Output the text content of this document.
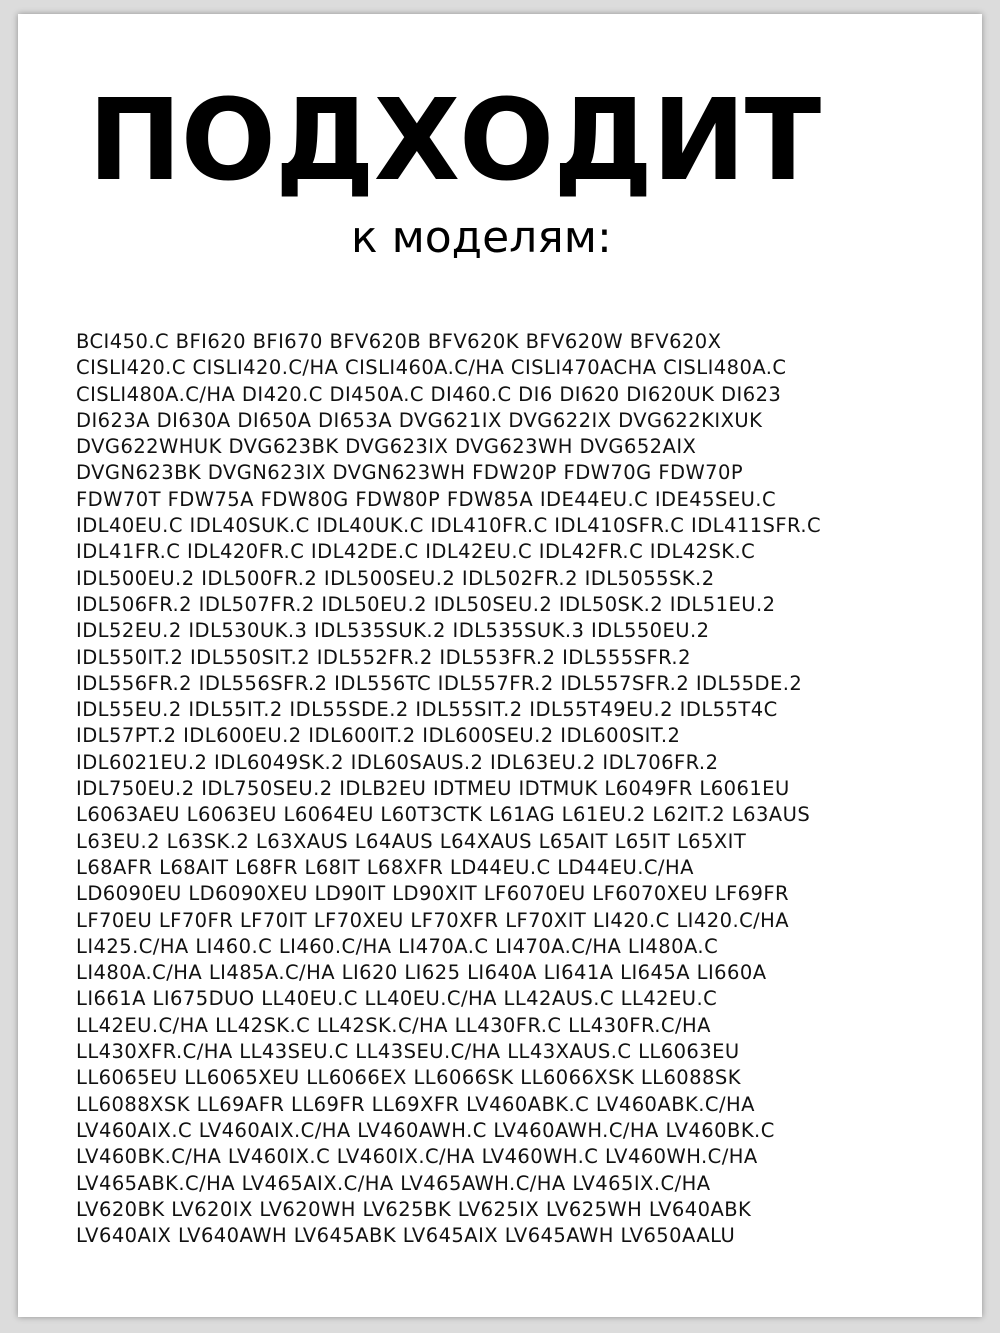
ПОДХОДИТ
к моделям:
BCI450.C BFI620 BFI670 BFV620B BFV620K BFV620W BFV620X
CISLI420.C CISLI420.C/HA CISLI460A.C/HA CISLI470ACHA CISLI480A.C
CISLI480A.C/HA DI420.C DI450A.C DI460.C DI6 DI620 DI620UK DI623
DI623A DI630A DI650A DI653A DVG621IX DVG622IX DVG622KIXUK
DVG622WHUK DVG623BK DVG623IX DVG623WH DVG652AIX
DVGN623BK DVGN623IX DVGN623WH FDW20P FDW70G FDW70P
FDW70T FDW75A FDW80G FDW80P FDW85A IDE44EU.C IDE45SEU.C
IDL40EU.C IDL40SUK.C IDL40UK.C IDL410FR.C IDL410SFR.C IDL411SFR.C
IDL41FR.C IDL420FR.C IDL42DE.C IDL42EU.C IDL42FR.C IDL42SK.C
IDL500EU.2 IDL500FR.2 IDL500SEU.2 IDL502FR.2 IDL5055SK.2
IDL506FR.2 IDL507FR.2 IDL50EU.2 IDL50SEU.2 IDL50SK.2 IDL51EU.2
IDL52EU.2 IDL530UK.3 IDL535SUK.2 IDL535SUK.3 IDL550EU.2
IDL550IT.2 IDL550SIT.2 IDL552FR.2 IDL553FR.2 IDL555SFR.2
IDL556FR.2 IDL556SFR.2 IDL556TC IDL557FR.2 IDL557SFR.2 IDL55DE.2
IDL55EU.2 IDL55IT.2 IDL55SDE.2 IDL55SIT.2 IDL55T49EU.2 IDL55T4C
IDL57PT.2 IDL600EU.2 IDL600IT.2 IDL600SEU.2 IDL600SIT.2
IDL6021EU.2 IDL6049SK.2 IDL60SAUS.2 IDL63EU.2 IDL706FR.2
IDL750EU.2 IDL750SEU.2 IDLB2EU IDTMEU IDTMUK L6049FR L6061EU
L6063AEU L6063EU L6064EU L60T3CTK L61AG L61EU.2 L62IT.2 L63AUS
L63EU.2 L63SK.2 L63XAUS L64AUS L64XAUS L65AIT L65IT L65XIT
L68AFR L68AIT L68FR L68IT L68XFR LD44EU.C LD44EU.C/HA
LD6090EU LD6090XEU LD90IT LD90XIT LF6070EU LF6070XEU LF69FR
LF70EU LF70FR LF70IT LF70XEU LF70XFR LF70XIT LI420.C LI420.C/HA
LI425.C/HA LI460.C LI460.C/HA LI470A.C LI470A.C/HA LI480A.C
LI480A.C/HA LI485A.C/HA LI620 LI625 LI640A LI641A LI645A LI660A
LI661A LI675DUO LL40EU.C LL40EU.C/HA LL42AUS.C LL42EU.C
LL42EU.C/HA LL42SK.C LL42SK.C/HA LL430FR.C LL430FR.C/HA
LL430XFR.C/HA LL43SEU.C LL43SEU.C/HA LL43XAUS.C LL6063EU
LL6065EU LL6065XEU LL6066EX LL6066SK LL6066XSK LL6088SK
LL6088XSK LL69AFR LL69FR LL69XFR LV460ABK.C LV460ABK.C/HA
LV460AIX.C LV460AIX.C/HA LV460AWH.C LV460AWH.C/HA LV460BK.C
LV460BK.C/HA LV460IX.C LV460IX.C/HA LV460WH.C LV460WH.C/HA
LV465ABK.C/HA LV465AIX.C/HA LV465AWH.C/HA LV465IX.C/HA
LV620BK LV620IX LV620WH LV625BK LV625IX LV625WH LV640ABK
LV640AIX LV640AWH LV645ABK LV645AIX LV645AWH LV650AALU
